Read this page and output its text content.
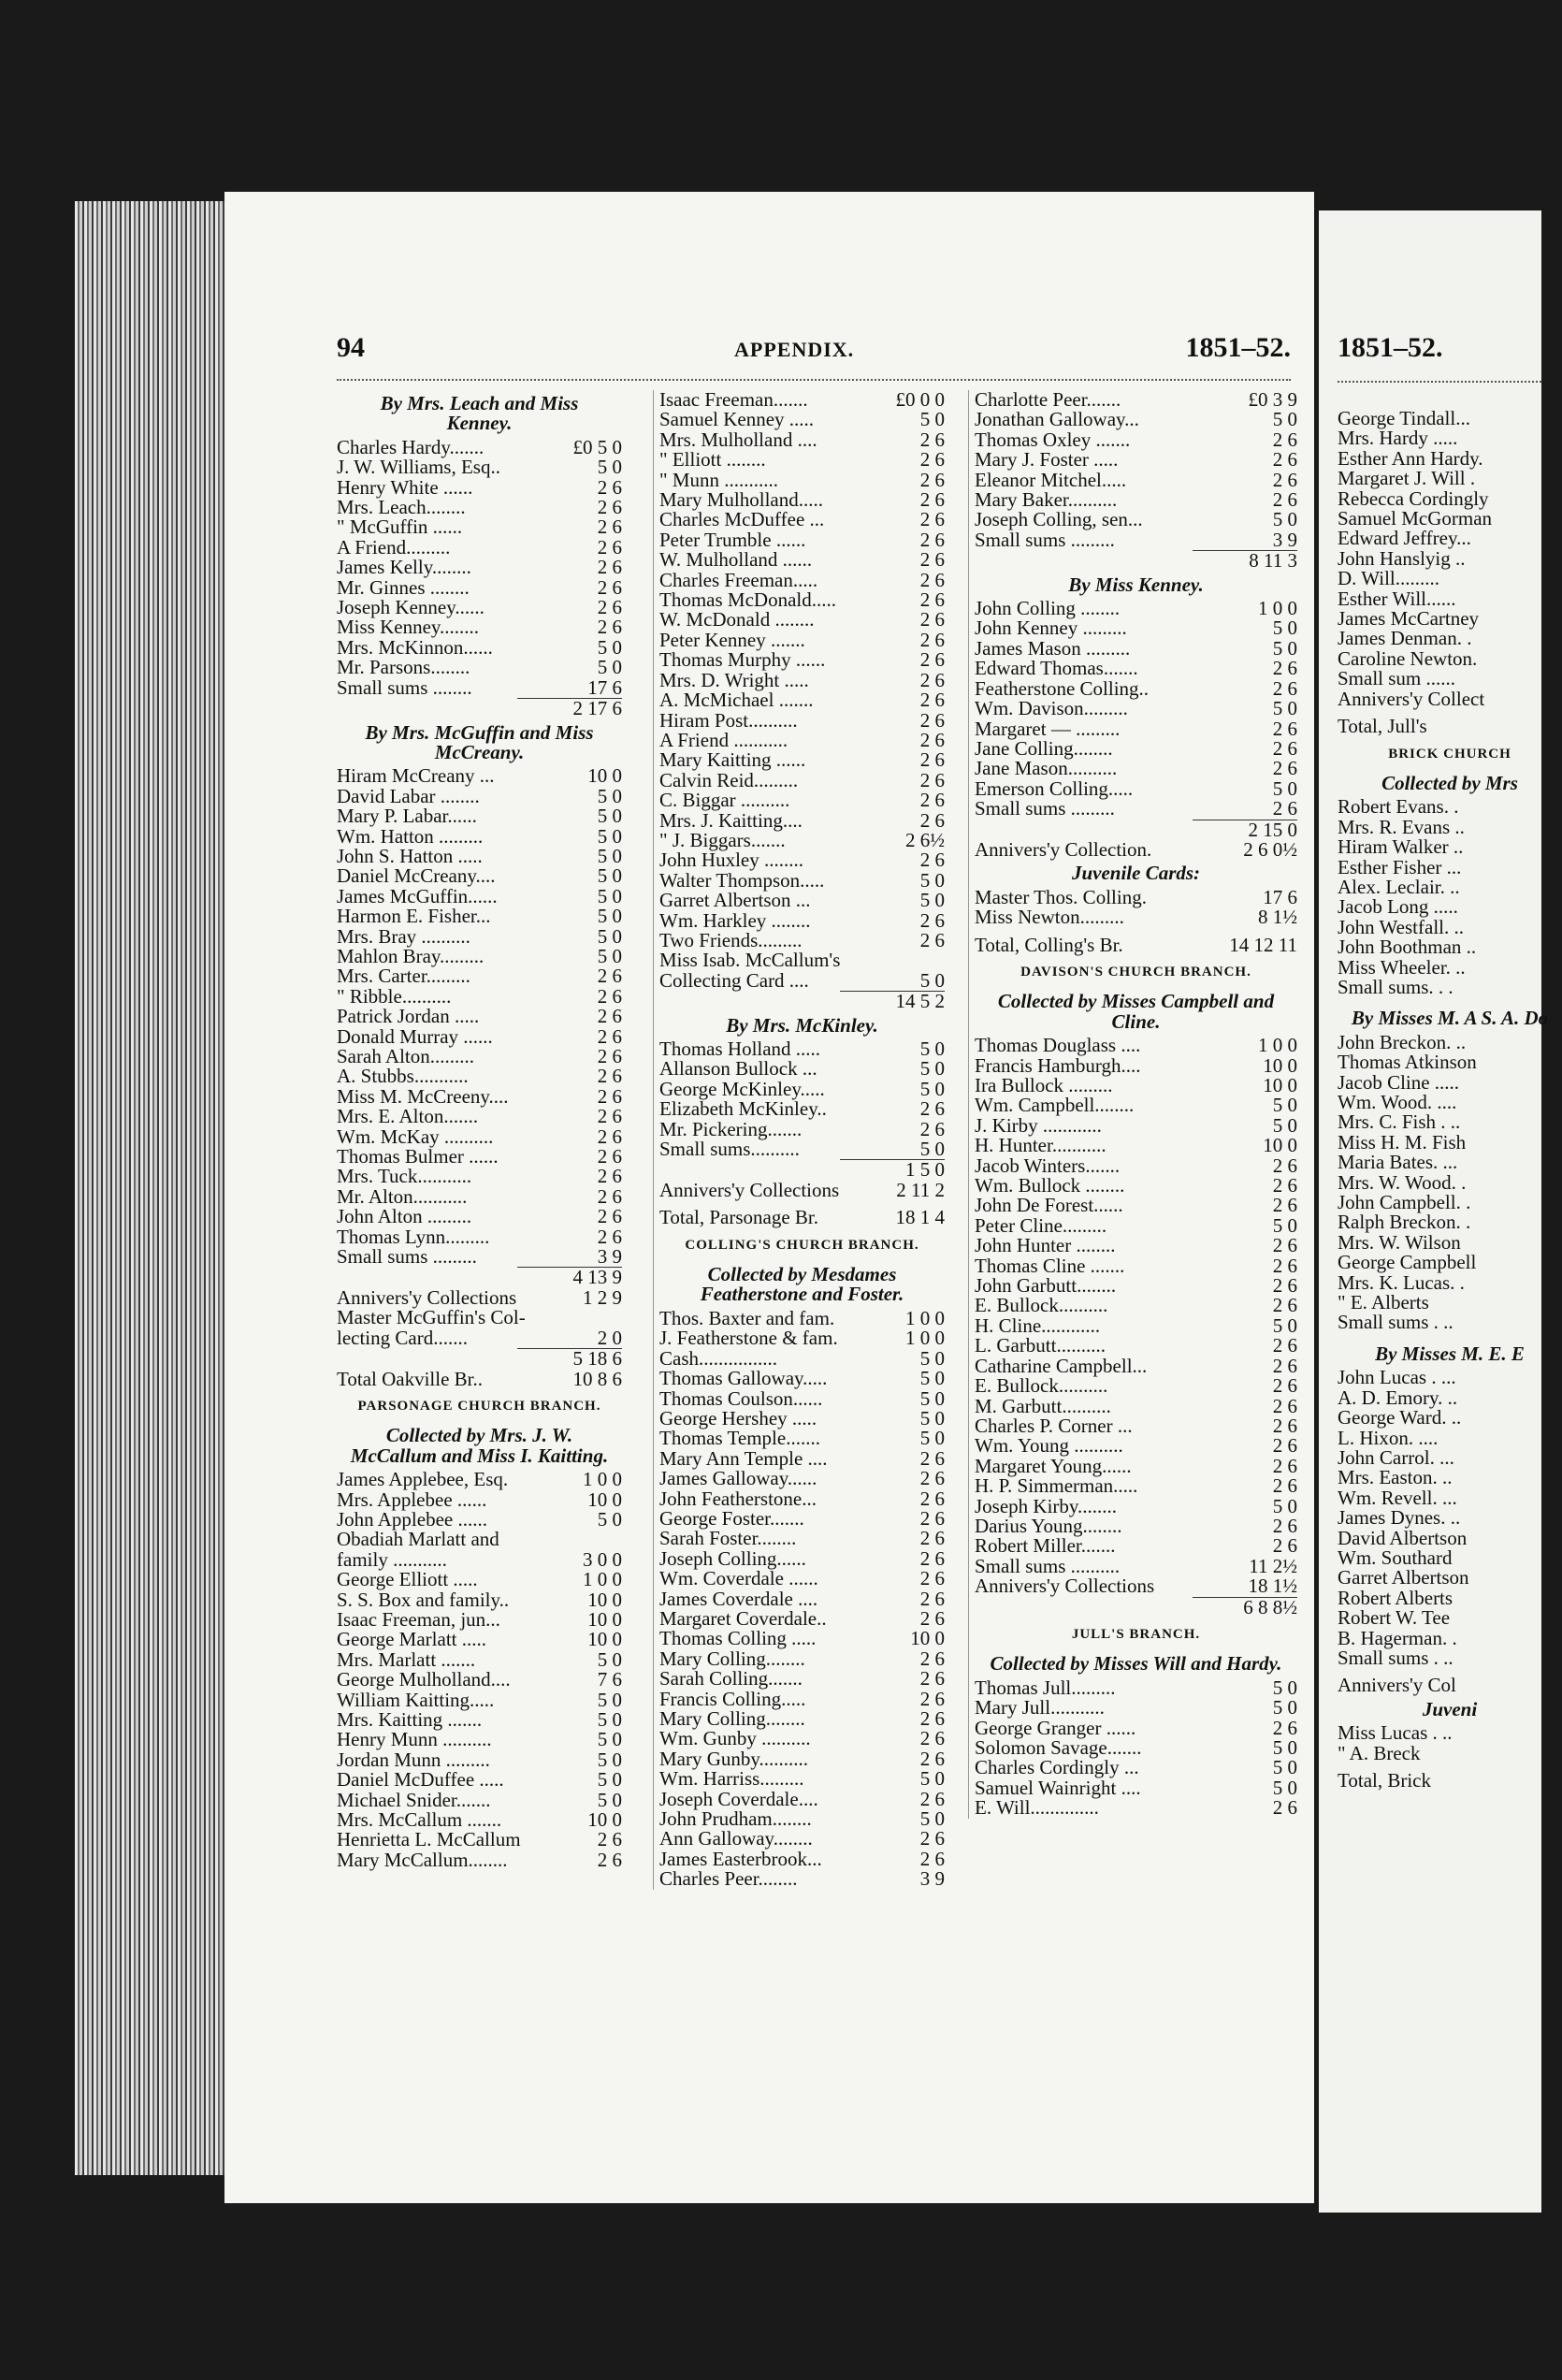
94	APPENDIX.	1851–52.
By Mrs. Leach and Miss Kenney.
Charles Hardy.......	£0 5 0
J. W. Williams, Esq..	5 0
Henry White ......	2 6
Mrs. Leach........	2 6
" McGuffin ......	2 6
A Friend.........	2 6
James Kelly........	2 6
Mr. Ginnes ........	2 6
Joseph Kenney......	2 6
Miss Kenney........	2 6
Mrs. McKinnon......	5 0
Mr. Parsons........	5 0
Small sums ........	17 6
2 17 6
By Mrs. McGuffin and Miss McCreany.
Hiram McCreany ...	10 0
David Labar ........	5 0
Mary P. Labar......	5 0
Wm. Hatton .........	5 0
John S. Hatton .....	5 0
Daniel McCreany....	5 0
James McGuffin......	5 0
Harmon E. Fisher...	5 0
Mrs. Bray ..........	5 0
Mahlon Bray.........	5 0
Mrs. Carter.........	2 6
" Ribble..........	2 6
Patrick Jordan .....	2 6
Donald Murray ......	2 6
Sarah Alton.........	2 6
A. Stubbs...........	2 6
Miss M. McCreeny....	2 6
Mrs. E. Alton.......	2 6
Wm. McKay ..........	2 6
Thomas Bulmer ......	2 6
Mrs. Tuck...........	2 6
Mr. Alton...........	2 6
John Alton .........	2 6
Thomas Lynn.........	2 6
Small sums .........	3 9
4 13 9
Annivers'y Collections	1 2 9
Master McGuffin's Col-
lecting Card.......	2 0
5 18 6
Total Oakville Br..	10 8 6
PARSONAGE CHURCH BRANCH.
Collected by Mrs. J. W. McCallum and Miss I. Kaitting.
James Applebee, Esq.	1 0 0
Mrs. Applebee ......	10 0
John Applebee ......	5 0
Obadiah Marlatt and
family ...........	3 0 0
George Elliott .....	1 0 0
S. S. Box and family..	10 0
Isaac Freeman, jun...	10 0
George Marlatt .....	10 0
Mrs. Marlatt .......	5 0
George Mulholland....	7 6
William Kaitting.....	5 0
Mrs. Kaitting .......	5 0
Henry Munn ..........	5 0
Jordan Munn .........	5 0
Daniel McDuffee .....	5 0
Michael Snider.......	5 0
Mrs. McCallum .......	10 0
Henrietta L. McCallum	2 6
Mary McCallum........	2 6
Isaac Freeman.......	£0 0 0
Samuel Kenney .....	5 0
Mrs. Mulholland ....	2 6
" Elliott ........	2 6
" Munn ...........	2 6
Mary Mulholland.....	2 6
Charles McDuffee ...	2 6
Peter Trumble ......	2 6
W. Mulholland ......	2 6
Charles Freeman.....	2 6
Thomas McDonald.....	2 6
W. McDonald ........	2 6
Peter Kenney .......	2 6
Thomas Murphy ......	2 6
Mrs. D. Wright .....	2 6
A. McMichael .......	2 6
Hiram Post..........	2 6
A Friend ...........	2 6
Mary Kaitting ......	2 6
Calvin Reid.........	2 6
C. Biggar ..........	2 6
Mrs. J. Kaitting....	2 6
" J. Biggars.......	2 6½
John Huxley ........	2 6
Walter Thompson.....	5 0
Garret Albertson ...	5 0
Wm. Harkley ........	2 6
Two Friends.........	2 6
Miss Isab. McCallum's
Collecting Card ....	5 0
14 5 2
By Mrs. McKinley.
Thomas Holland .....	5 0
Allanson Bullock ...	5 0
George McKinley.....	5 0
Elizabeth McKinley..	2 6
Mr. Pickering.......	2 6
Small sums..........	5 0
1 5 0
Annivers'y Collections	2 11 2
Total, Parsonage Br.	18 1 4
COLLING'S CHURCH BRANCH.
Collected by Mesdames Featherstone and Foster.
Thos. Baxter and fam.	1 0 0
J. Featherstone & fam.	1 0 0
Cash................	5 0
Thomas Galloway.....	5 0
Thomas Coulson......	5 0
George Hershey .....	5 0
Thomas Temple.......	5 0
Mary Ann Temple ....	2 6
James Galloway......	2 6
John Featherstone...	2 6
George Foster.......	2 6
Sarah Foster........	2 6
Joseph Colling......	2 6
Wm. Coverdale ......	2 6
James Coverdale ....	2 6
Margaret Coverdale..	2 6
Thomas Colling .....	10 0
Mary Colling........	2 6
Sarah Colling.......	2 6
Francis Colling.....	2 6
Mary Colling........	2 6
Wm. Gunby ..........	2 6
Mary Gunby..........	2 6
Wm. Harriss.........	5 0
Joseph Coverdale....	2 6
John Prudham........	5 0
Ann Galloway........	2 6
James Easterbrook...	2 6
Charles Peer........	3 9
Charlotte Peer.......	£0 3 9
Jonathan Galloway...	5 0
Thomas Oxley .......	2 6
Mary J. Foster .....	2 6
Eleanor Mitchel.....	2 6
Mary Baker..........	2 6
Joseph Colling, sen...	5 0
Small sums .........	3 9
8 11 3
By Miss Kenney.
John Colling ........	1 0 0
John Kenney .........	5 0
James Mason .........	5 0
Edward Thomas.......	2 6
Featherstone Colling..	2 6
Wm. Davison.........	5 0
Margaret — .........	2 6
Jane Colling........	2 6
Jane Mason..........	2 6
Emerson Colling.....	5 0
Small sums .........	2 6
2 15 0
Annivers'y Collection.	2 6 0½
Juvenile Cards:
Master Thos. Colling.	17 6
Miss Newton.........	8 1½
Total, Colling's Br.	14 12 11
DAVISON'S CHURCH BRANCH.
Collected by Misses Campbell and Cline.
Thomas Douglass ....	1 0 0
Francis Hamburgh....	10 0
Ira Bullock .........	10 0
Wm. Campbell........	5 0
J. Kirby ............	5 0
H. Hunter...........	10 0
Jacob Winters.......	2 6
Wm. Bullock ........	2 6
John De Forest......	2 6
Peter Cline.........	5 0
John Hunter ........	2 6
Thomas Cline .......	2 6
John Garbutt........	2 6
E. Bullock..........	2 6
H. Cline............	5 0
L. Garbutt..........	2 6
Catharine Campbell...	2 6
E. Bullock..........	2 6
M. Garbutt..........	2 6
Charles P. Corner ...	2 6
Wm. Young ..........	2 6
Margaret Young......	2 6
H. P. Simmerman.....	2 6
Joseph Kirby........	5 0
Darius Young........	2 6
Robert Miller.......	2 6
Small sums ..........	11 2½
Annivers'y Collections	18 1½
6 8 8½
JULL'S BRANCH.
Collected by Misses Will and Hardy.
Thomas Jull.........	5 0
Mary Jull...........	5 0
George Granger ......	2 6
Solomon Savage.......	5 0
Charles Cordingly ...	5 0
Samuel Wainright ....	5 0
E. Will..............	2 6
1851–52.
George Tindall...
Mrs. Hardy .....
Esther Ann Hardy.
Margaret J. Will .
Rebecca Cordingly
Samuel McGorman
Edward Jeffrey...
John Hanslyig ..
D. Will.........
Esther Will......
James McCartney
James Denman. .
Caroline Newton.
Small sum ......
Annivers'y Collect
Total, Jull's
BRICK CHURCH
Collected by Mrs
Robert Evans. .
Mrs. R. Evans ..
Hiram Walker ..
Esther Fisher ...
Alex. Leclair. ..
Jacob Long .....
John Westfall. ..
John Boothman ..
Miss Wheeler. ..
Small sums. . .
By Misses M. A S. A. Do
John Breckon. ..
Thomas Atkinson
Jacob Cline .....
Wm. Wood. ....
Mrs. C. Fish . ..
Miss H. M. Fish
Maria Bates. ...
Mrs. W. Wood. .
John Campbell. .
Ralph Breckon. .
Mrs. W. Wilson
George Campbell
Mrs. K. Lucas. .
" E. Alberts
Small sums . ..
By Misses M. E. E
John Lucas . ...
A. D. Emory. ..
George Ward. ..
L. Hixon. ....
John Carrol. ...
Mrs. Easton. ..
Wm. Revell. ...
James Dynes. ..
David Albertson
Wm. Southard
Garret Albertson
Robert Alberts
Robert W. Tee
B. Hagerman. .
Small sums . ..
Annivers'y Col
Juveni
Miss Lucas . ..
" A. Breck
Total, Brick
